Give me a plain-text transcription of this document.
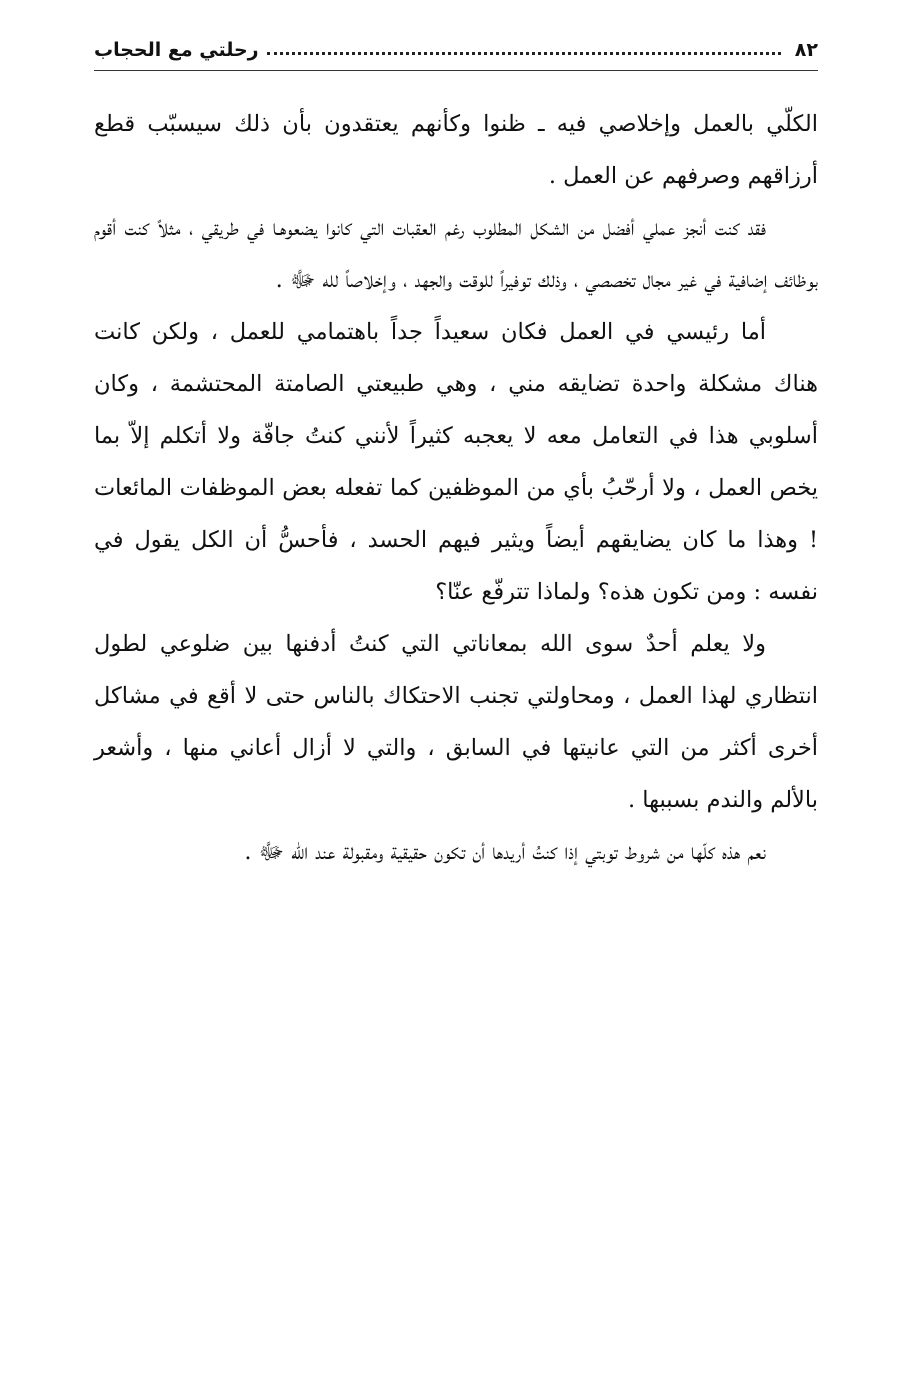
٨٢
رحلتي مع الحجاب

الكلّي بالعمل وإخلاصي فيه ـ ظنوا وكأنهم يعتقدون بأن ذلك سيسبّب قطع أرزاقهم وصرفهم عن العمل .

فقد كنت أنجز عملي أفضل من الشكل المطلوب رغم العقبات التي كانوا يضعوهـا في طريقي ، مثلاً كنت أقوم بوظائف إضافية في غير مجال تخصصي ، وذلك توفيراً للوقت والجهد ، وإخلاصاً لله ﷻ .

أما رئيسي في العمل فكان سعيداً جداً باهتمامي للعمل ، ولكن كانت هناك مشكلة واحدة تضايقه مني ، وهي طبيعتي الصامتة المحتشمة ، وكان أسلوبي هذا في التعامل معه لا يعجبه كثيراً لأنني كنتُ جافّة ولا أتكلم إلاّ بما يخص العمل ، ولا أرحّبُ بأي من الموظفين كما تفعله بعض الموظفات المائعات ! وهذا ما كان يضايقهم أيضاً ويثير فيهم الحسد ، فأحسُّ أن الكل يقول في نفسه : ومن تكون هذه؟ ولماذا تترفّع عنّا؟

ولا يعلم أحدٌ سوى الله بمعاناتي التي كنتُ أدفنها بين ضلوعي لطول انتظاري لهذا العمل ، ومحاولتي تجنب الاحتكاك بالناس حتى لا أقع في مشاكل أخرى أكثر من التي عانيتها في السابق ، والتي لا أزال أعاني منها ، وأشعر بالألم والندم بسببها .

نعم هذه كلّها من شروط توبتي إذا كنتُ أريدها أن تكون حقيقية ومقبولة عند الله ﷻ .
